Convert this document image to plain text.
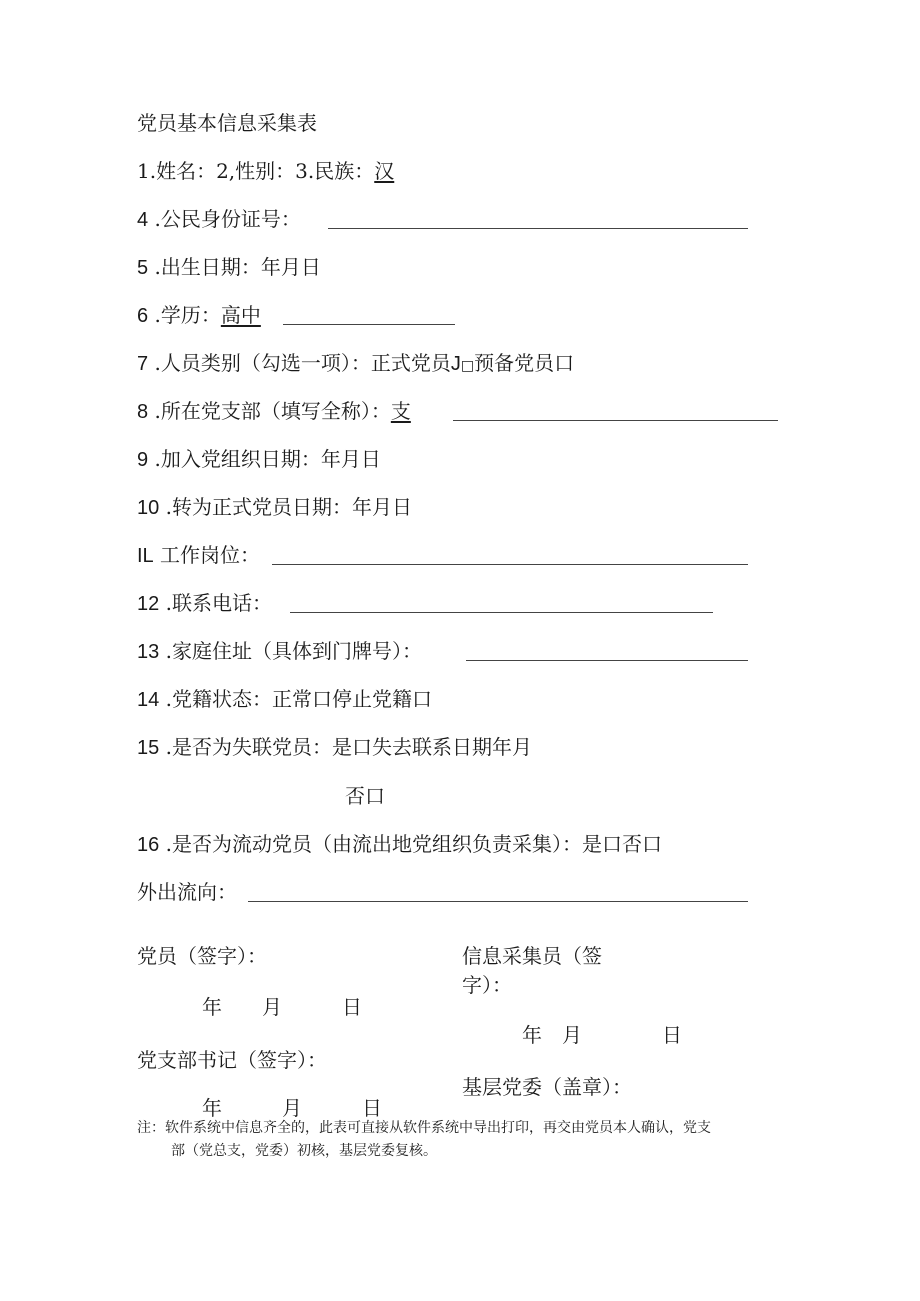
党员基本信息采集表
1.姓名：2,性别：3.民族：汉
4 .公民身份证号：
5 .出生日期：年月日
6 .学历：高中
7 .人员类别（勾选一项）：正式党员J□预备党员口
8 .所在党支部（填写全称）：支
9 .加入党组织日期：年月日
10 .转为正式党员日期：年月日
IL 工作岗位：
12 .联系电话：
13 .家庭住址（具体到门牌号）：
14 .党籍状态：正常口停止党籍口
15 .是否为失联党员：是口失去联系日期年月
否口
16 .是否为流动党员（由流出地党组织负责采集）：是口否口
外出流向：
党员（签字）：
年　　月　　　日
信息采集员（签
字）：
年　月　　　　日
党支部书记（签字）：
基层党委（盖章）：
年　　　月　　　日
注：软件系统中信息齐全的，此表可直接从软件系统中导出打印，再交由党员本人确认，党支
部（党总支，党委）初核，基层党委复核。
